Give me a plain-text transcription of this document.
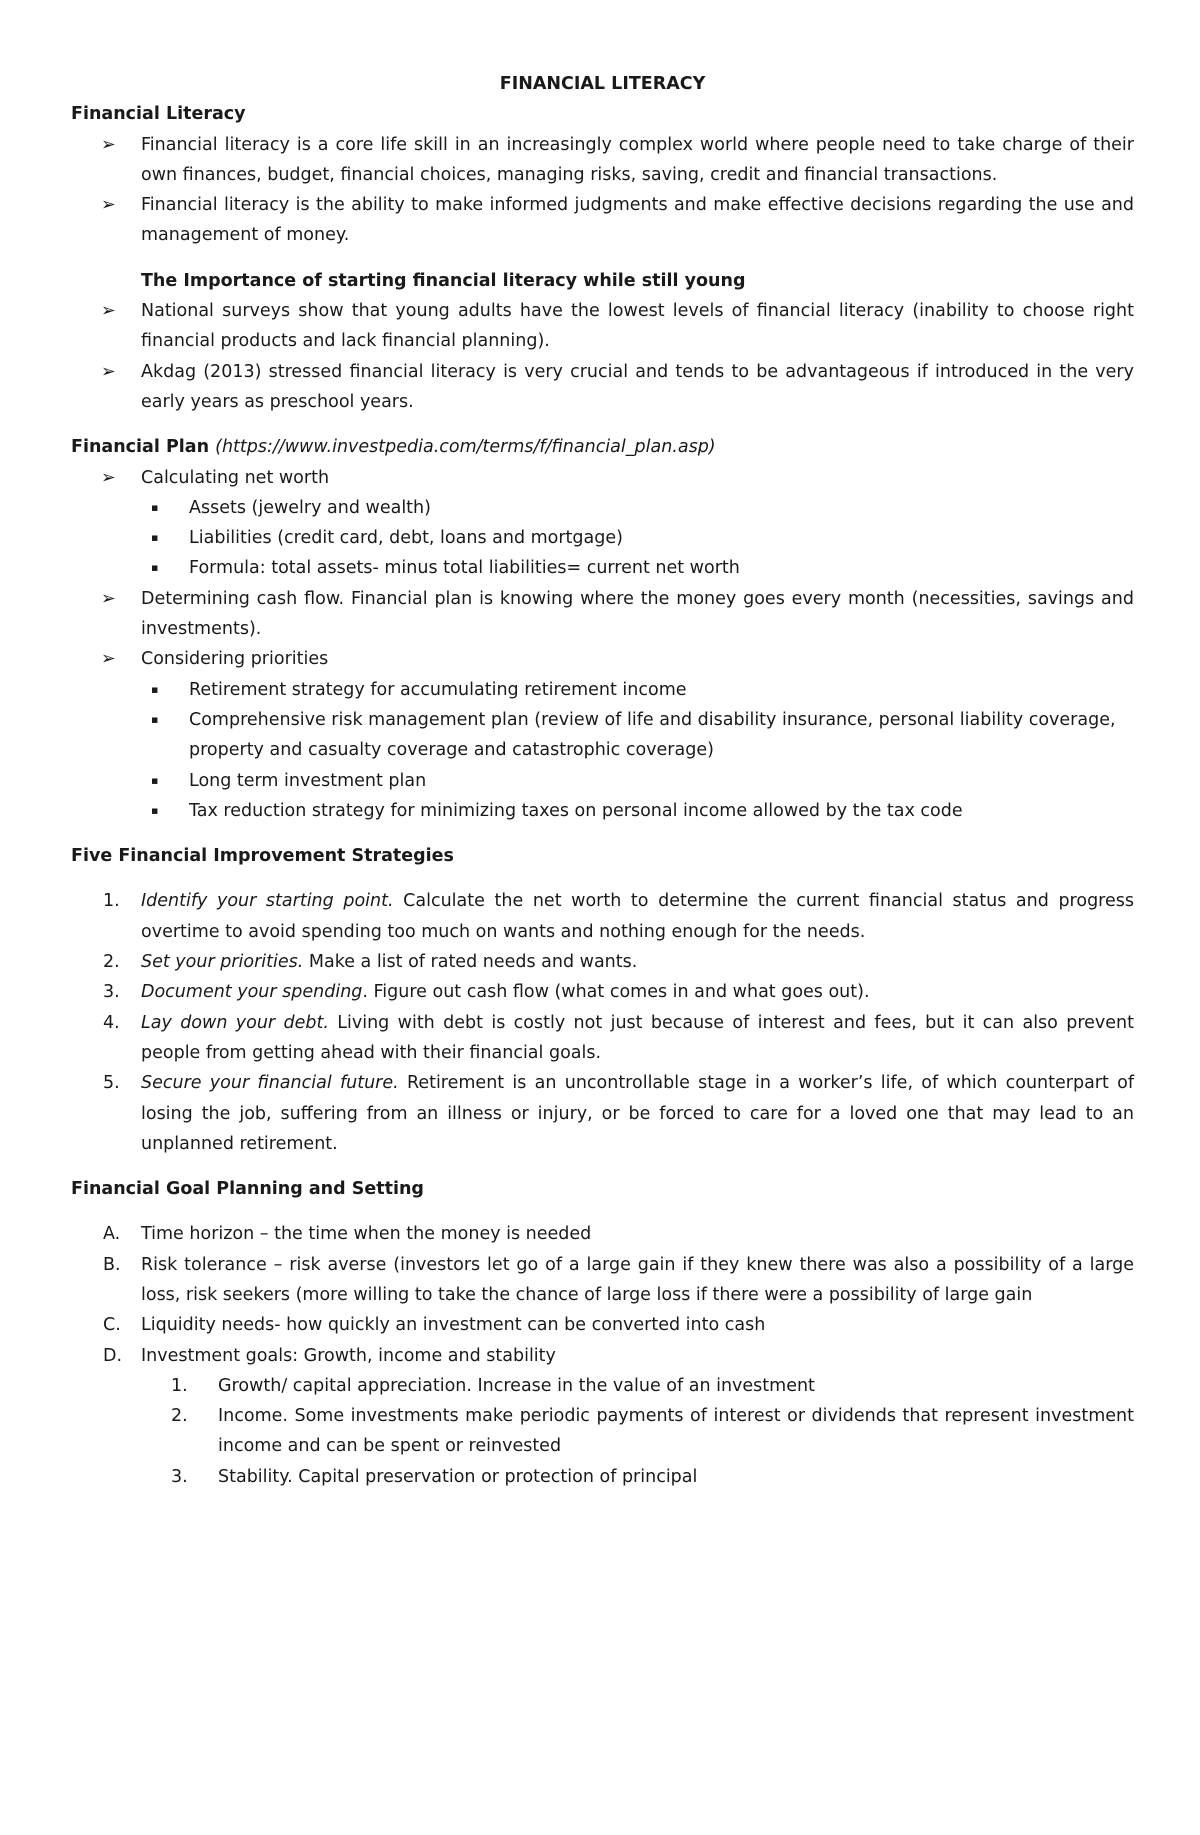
FINANCIAL LITERACY

Financial Literacy

➢ Financial literacy is a core life skill in an increasingly complex world where people need to take charge of their own finances, budget, financial choices, managing risks, saving, credit and financial transactions.
➢ Financial literacy is the ability to make informed judgments and make effective decisions regarding the use and management of money.

The Importance of starting financial literacy while still young

➢ National surveys show that young adults have the lowest levels of financial literacy (inability to choose right financial products and lack financial planning).
➢ Akdag (2013) stressed financial literacy is very crucial and tends to be advantageous if introduced in the very early years as preschool years.

Financial Plan (https://www.investpedia.com/terms/f/financial_plan.asp)

➢ Calculating net worth
▪ Assets (jewelry and wealth)
▪ Liabilities (credit card, debt, loans and mortgage)
▪ Formula: total assets- minus total liabilities= current net worth
➢ Determining cash flow. Financial plan is knowing where the money goes every month (necessities, savings and investments).
➢ Considering priorities
▪ Retirement strategy for accumulating retirement income
▪ Comprehensive risk management plan (review of life and disability insurance, personal liability coverage, property and casualty coverage and catastrophic coverage)
▪ Long term investment plan
▪ Tax reduction strategy for minimizing taxes on personal income allowed by the tax code

Five Financial Improvement Strategies

1. Identify your starting point. Calculate the net worth to determine the current financial status and progress overtime to avoid spending too much on wants and nothing enough for the needs.
2. Set your priorities. Make a list of rated needs and wants.
3. Document your spending. Figure out cash flow (what comes in and what goes out).
4. Lay down your debt. Living with debt is costly not just because of interest and fees, but it can also prevent people from getting ahead with their financial goals.
5. Secure your financial future. Retirement is an uncontrollable stage in a worker’s life, of which counterpart of losing the job, suffering from an illness or injury, or be forced to care for a loved one that may lead to an unplanned retirement.

Financial Goal Planning and Setting

A. Time horizon – the time when the money is needed
B. Risk tolerance – risk averse (investors let go of a large gain if they knew there was also a possibility of a large loss, risk seekers (more willing to take the chance of large loss if there were a possibility of large gain
C. Liquidity needs- how quickly an investment can be converted into cash
D. Investment goals: Growth, income and stability
1. Growth/ capital appreciation. Increase in the value of an investment
2. Income. Some investments make periodic payments of interest or dividends that represent investment income and can be spent or reinvested
3. Stability. Capital preservation or protection of principal
